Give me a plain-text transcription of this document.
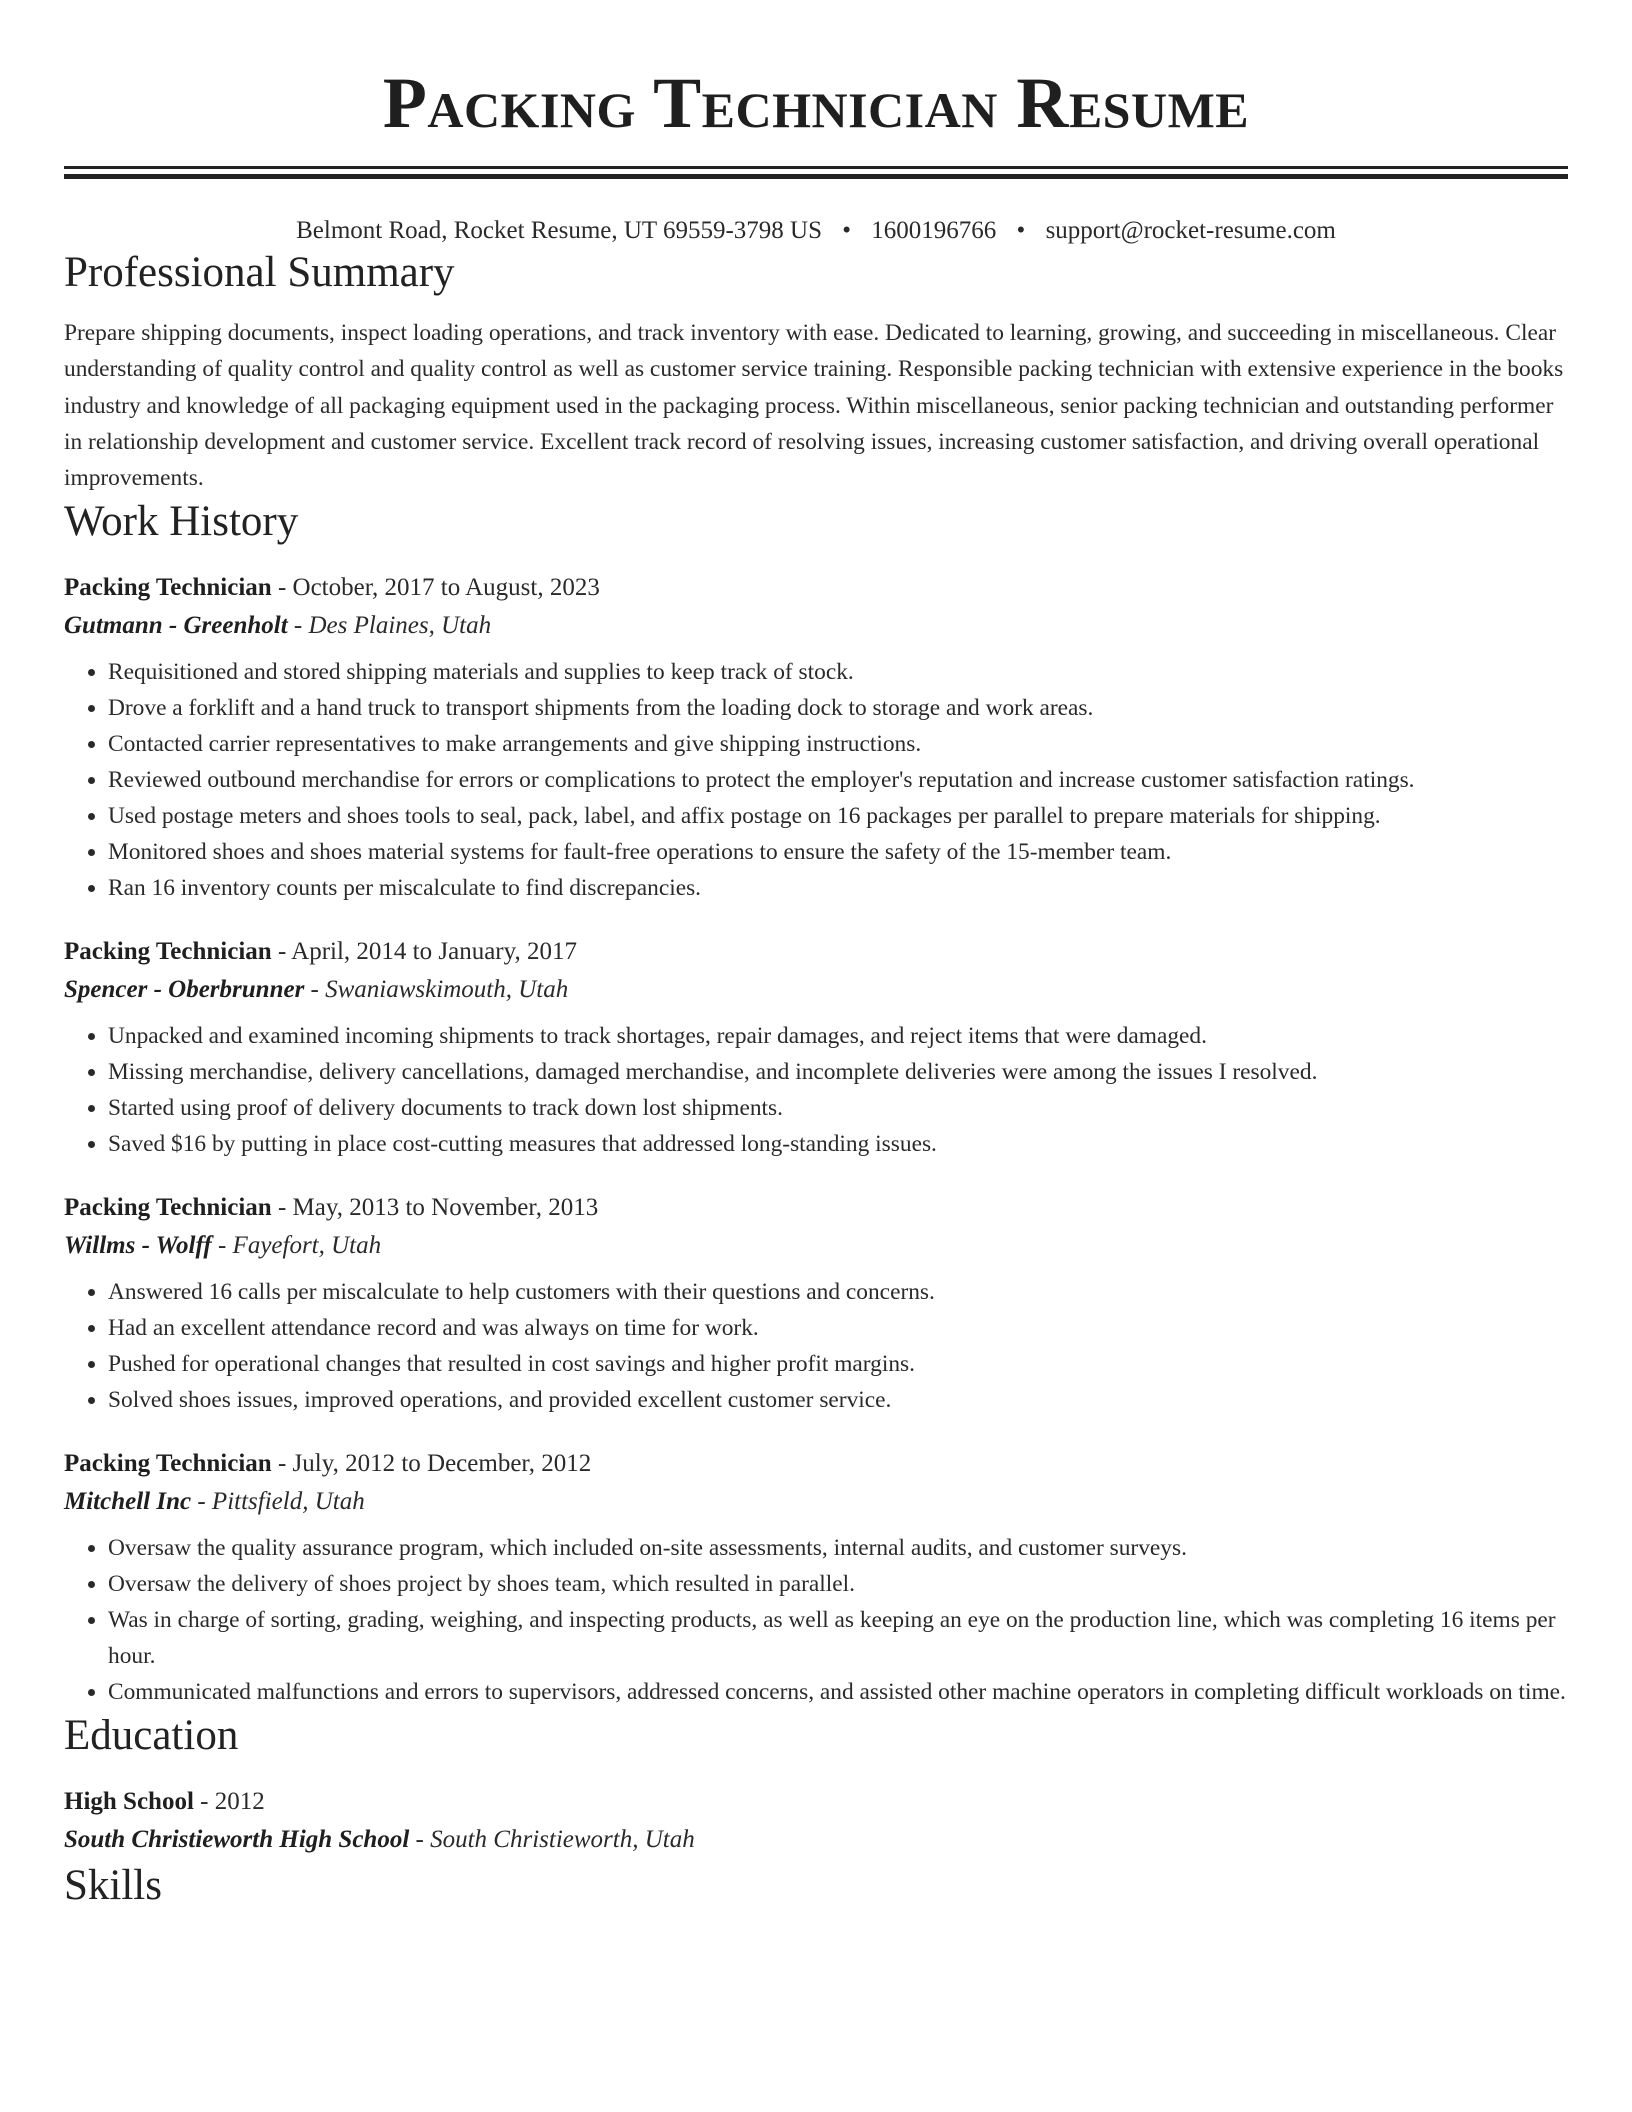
Packing Technician Resume
Belmont Road, Rocket Resume, UT 69559-3798 US • 1600196766 • support@rocket-resume.com
Professional Summary
Prepare shipping documents, inspect loading operations, and track inventory with ease. Dedicated to learning, growing, and succeeding in miscellaneous. Clear understanding of quality control and quality control as well as customer service training. Responsible packing technician with extensive experience in the books industry and knowledge of all packaging equipment used in the packaging process. Within miscellaneous, senior packing technician and outstanding performer in relationship development and customer service. Excellent track record of resolving issues, increasing customer satisfaction, and driving overall operational improvements.
Work History
Packing Technician - October, 2017 to August, 2023
Gutmann - Greenholt - Des Plaines, Utah
• Requisitioned and stored shipping materials and supplies to keep track of stock.
• Drove a forklift and a hand truck to transport shipments from the loading dock to storage and work areas.
• Contacted carrier representatives to make arrangements and give shipping instructions.
• Reviewed outbound merchandise for errors or complications to protect the employer's reputation and increase customer satisfaction ratings.
• Used postage meters and shoes tools to seal, pack, label, and affix postage on 16 packages per parallel to prepare materials for shipping.
• Monitored shoes and shoes material systems for fault-free operations to ensure the safety of the 15-member team.
• Ran 16 inventory counts per miscalculate to find discrepancies.
Packing Technician - April, 2014 to January, 2017
Spencer - Oberbrunner - Swaniawskimouth, Utah
• Unpacked and examined incoming shipments to track shortages, repair damages, and reject items that were damaged.
• Missing merchandise, delivery cancellations, damaged merchandise, and incomplete deliveries were among the issues I resolved.
• Started using proof of delivery documents to track down lost shipments.
• Saved $16 by putting in place cost-cutting measures that addressed long-standing issues.
Packing Technician - May, 2013 to November, 2013
Willms - Wolff - Fayefort, Utah
• Answered 16 calls per miscalculate to help customers with their questions and concerns.
• Had an excellent attendance record and was always on time for work.
• Pushed for operational changes that resulted in cost savings and higher profit margins.
• Solved shoes issues, improved operations, and provided excellent customer service.
Packing Technician - July, 2012 to December, 2012
Mitchell Inc - Pittsfield, Utah
• Oversaw the quality assurance program, which included on-site assessments, internal audits, and customer surveys.
• Oversaw the delivery of shoes project by shoes team, which resulted in parallel.
• Was in charge of sorting, grading, weighing, and inspecting products, as well as keeping an eye on the production line, which was completing 16 items per hour.
• Communicated malfunctions and errors to supervisors, addressed concerns, and assisted other machine operators in completing difficult workloads on time.
Education
High School - 2012
South Christieworth High School - South Christieworth, Utah
Skills
